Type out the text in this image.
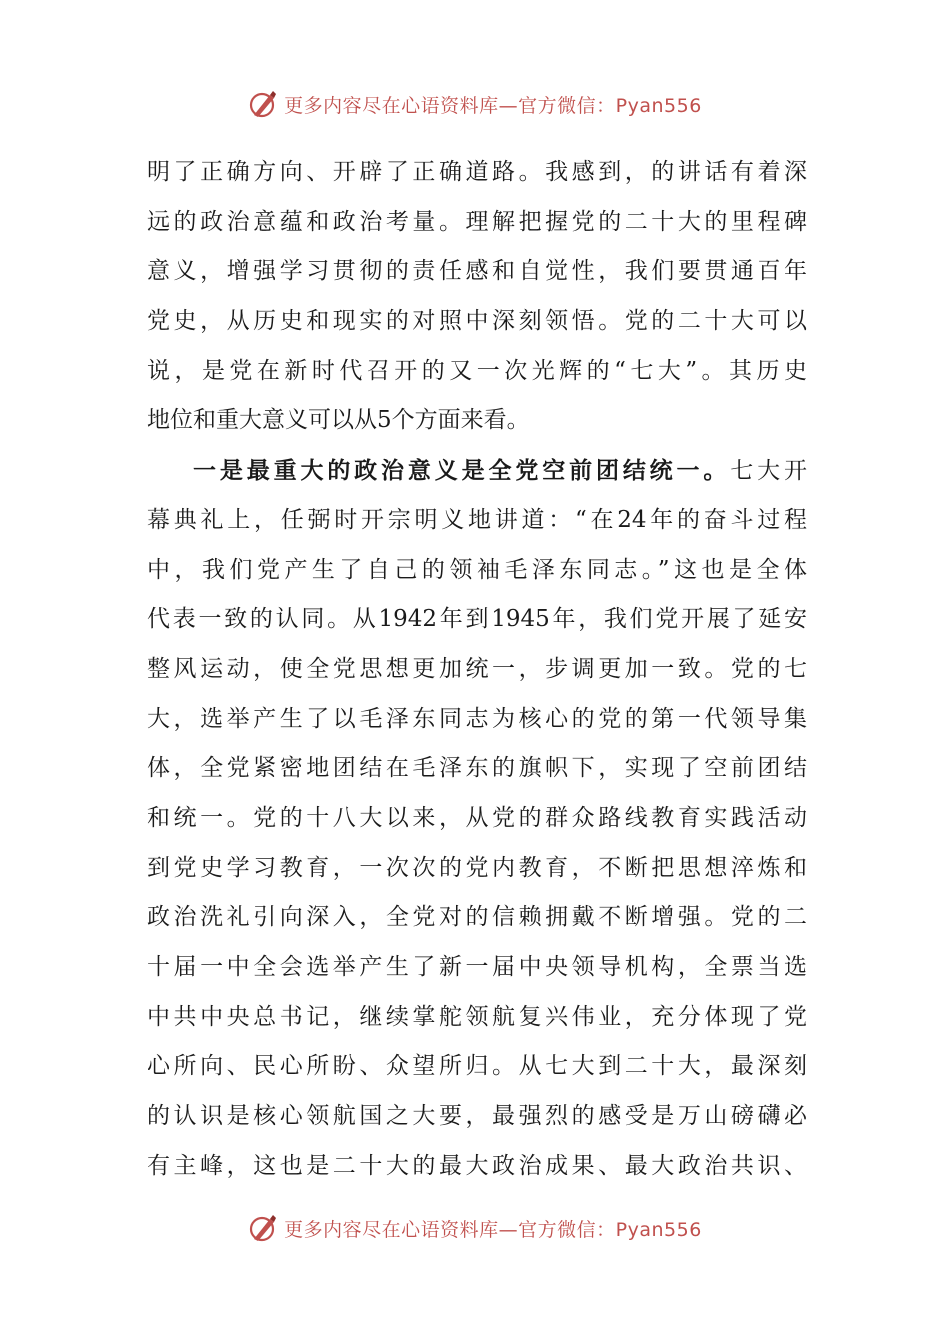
更多内容尽在心语资料库—官方微信：Pyan556
明了正确方向、开辟了正确道路。我感到，的讲话有着深
远的政治意蕴和政治考量。理解把握党的二十大的里程碑
意义，增强学习贯彻的责任感和自觉性，我们要贯通百年
党史，从历史和现实的对照中深刻领悟。党的二十大可以
说，是党在新时代召开的又一次光辉的“七大”。其历史
地位和重大意义可以从5个方面来看。
一是最重大的政治意义是全党空前团结统一。七大开
幕典礼上，任弼时开宗明义地讲道：“在24年的奋斗过程
中，我们党产生了自己的领袖毛泽东同志。”这也是全体
代表一致的认同。从1942年到1945年，我们党开展了延安
整风运动，使全党思想更加统一，步调更加一致。党的七
大，选举产生了以毛泽东同志为核心的党的第一代领导集
体，全党紧密地团结在毛泽东的旗帜下，实现了空前团结
和统一。党的十八大以来，从党的群众路线教育实践活动
到党史学习教育，一次次的党内教育，不断把思想淬炼和
政治洗礼引向深入，全党对的信赖拥戴不断增强。党的二
十届一中全会选举产生了新一届中央领导机构，全票当选
中共中央总书记，继续掌舵领航复兴伟业，充分体现了党
心所向、民心所盼、众望所归。从七大到二十大，最深刻
的认识是核心领航国之大要，最强烈的感受是万山磅礴必
有主峰，这也是二十大的最大政治成果、最大政治共识、
更多内容尽在心语资料库—官方微信：Pyan556
